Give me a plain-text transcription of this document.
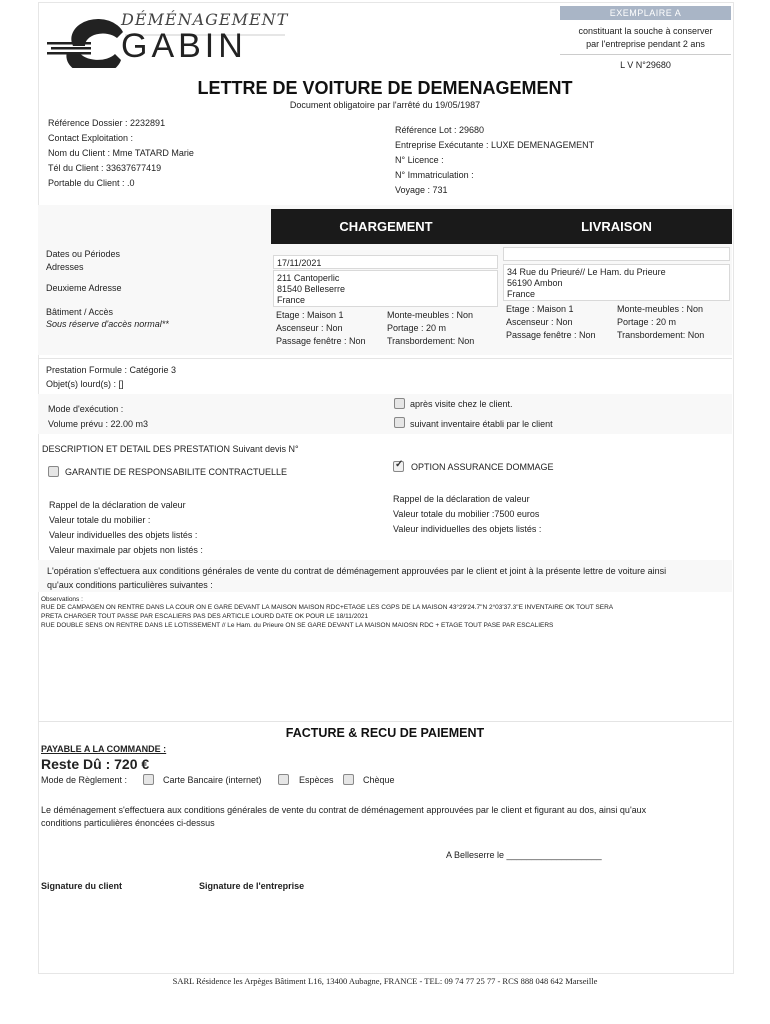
DÉMÉNAGEMENT
GABIN
EXEMPLAIRE A
constituant la souche à conserver
par l'entreprise pendant 2 ans
L V N°29680
LETTRE DE VOITURE DE DEMENAGEMENT
Document obligatoire par l'arrêté du 19/05/1987
Référence Dossier : 2232891
Contact Exploitation :
Nom du Client : Mme TATARD Marie
Tél du Client : 33637677419
Portable du Client : .0
Référence Lot : 29680
Entreprise Exécutante : LUXE DEMENAGEMENT
N° Licence :
N° Immatriculation :
Voyage : 731
CHARGEMENT	LIVRAISON
Dates ou Périodes
Adresses
Deuxieme Adresse
Bâtiment / Accès
Sous réserve d'accès normal**
17/11/2021
211 Cantoperlic
81540 Belleserre
France
Etage : Maison 1
Ascenseur : Non
Passage fenêtre : Non
Monte-meubles : Non
Portage : 20 m
Transbordement: Non
34 Rue du Prieuré// Le Ham. du Prieure
56190 Ambon
France
Etage : Maison 1
Ascenseur : Non
Passage fenêtre : Non
Monte-meubles : Non
Portage : 20 m
Transbordement: Non
Prestation Formule : Catégorie 3
Objet(s) lourd(s) : []
Mode d'exécution :
Volume prévu : 22.00 m3
après visite chez le client.
suivant inventaire établi par le client
DESCRIPTION ET DETAIL DES PRESTATION Suivant devis N°
GARANTIE DE RESPONSABILITE CONTRACTUELLE
✓	OPTION ASSURANCE DOMMAGE
Rappel de la déclaration de valeur
Valeur totale du mobilier :
Valeur individuelles des objets listés :
Valeur maximale par objets non listés :
Rappel de la déclaration de valeur
Valeur totale du mobilier :7500 euros
Valeur individuelles des objets listés :
L'opération s'effectuera aux conditions générales de vente du contrat de déménagement approuvées par le client et joint à la présente lettre de voiture ainsi
qu'aux conditions particulières suivantes :
Observations :
RUE DE CAMPAGEN ON RENTRE DANS LA COUR ON E GARE DEVANT LA MAISON MAISON RDC+ETAGE LES CGPS DE LA MAISON 43°29'24.7"N 2°03'37.3"E INVENTAIRE OK TOUT SERA
PRETA CHARGER TOUT PASSE PAR ESCALIERS PAS DES ARTICLE LOURD DATE OK POUR LE 18/11/2021
RUE DOUBLE SENS ON RENTRE DANS LE LOTISSEMENT // Le Ham. du Prieure ON SE GARE DEVANT LA MAISON MAIOSN RDC + ETAGE TOUT PASE PAR ESCALIERS
FACTURE & RECU DE PAIEMENT
PAYABLE A LA COMMANDE :
Reste Dû : 720 €
Mode de Règlement :	Carte Bancaire (internet)	Espèces	Chèque
Le déménagement s'effectuera aux conditions générales de vente du contrat de déménagement approuvées par le client et figurant au dos, ainsi qu'aux
conditions particulières énoncées ci-dessus
A Belleserre le ___________________
Signature du client	Signature de l'entreprise
SARL Résidence les Arpèges Bâtiment L16, 13400 Aubagne, FRANCE - TEL: 09 74 77 25 77 - RCS 888 048 642 Marseille
